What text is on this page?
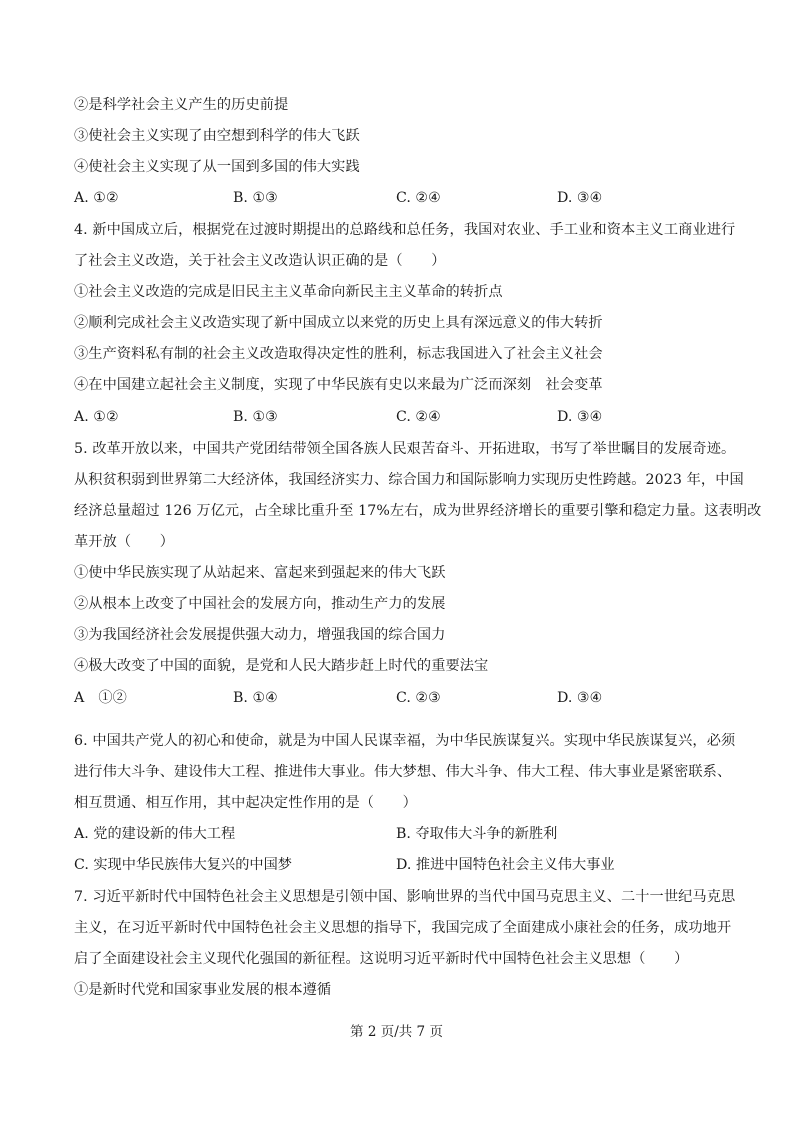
②是科学社会主义产生的历史前提
③使社会主义实现了由空想到科学的伟大飞跃
④使社会主义实现了从一国到多国的伟大实践
A. ①②	B. ①③	C. ②④	D. ③④
4. 新中国成立后，根据党在过渡时期提出的总路线和总任务，我国对农业、手工业和资本主义工商业进行
了社会主义改造，关于社会主义改造认识正确的是（　　）
①社会主义改造的完成是旧民主主义革命向新民主主义革命的转折点
②顺利完成社会主义改造实现了新中国成立以来党的历史上具有深远意义的伟大转折
③生产资料私有制的社会主义改造取得决定性的胜利，标志我国进入了社会主义社会
④在中国建立起社会主义制度，实现了中华民族有史以来最为广泛而深刻　社会变革
A. ①②	B. ①③	C. ②④	D. ③④
5. 改革开放以来，中国共产党团结带领全国各族人民艰苦奋斗、开拓进取，书写了举世瞩目的发展奇迹。
从积贫积弱到世界第二大经济体，我国经济实力、综合国力和国际影响力实现历史性跨越。2023 年，中国
经济总量超过 126 万亿元，占全球比重升至 17%左右，成为世界经济增长的重要引擎和稳定力量。这表明改
革开放（　　）
①使中华民族实现了从站起来、富起来到强起来的伟大飞跃
②从根本上改变了中国社会的发展方向，推动生产力的发展
③为我国经济社会发展提供强大动力，增强我国的综合国力
④极大改变了中国的面貌，是党和人民大踏步赶上时代的重要法宝
A　①②	B. ①④	C. ②③	D. ③④
6. 中国共产党人的初心和使命，就是为中国人民谋幸福，为中华民族谋复兴。实现中华民族谋复兴，必须
进行伟大斗争、建设伟大工程、推进伟大事业。伟大梦想、伟大斗争、伟大工程、伟大事业是紧密联系、
相互贯通、相互作用，其中起决定性作用的是（　　）
A. 党的建设新的伟大工程	B. 夺取伟大斗争的新胜利
C. 实现中华民族伟大复兴的中国梦	D. 推进中国特色社会主义伟大事业
7. 习近平新时代中国特色社会主义思想是引领中国、影响世界的当代中国马克思主义、二十一世纪马克思
主义，在习近平新时代中国特色社会主义思想的指导下，我国完成了全面建成小康社会的任务，成功地开
启了全面建设社会主义现代化强国的新征程。这说明习近平新时代中国特色社会主义思想（　　）
①是新时代党和国家事业发展的根本遵循
第 2 页/共 7 页
